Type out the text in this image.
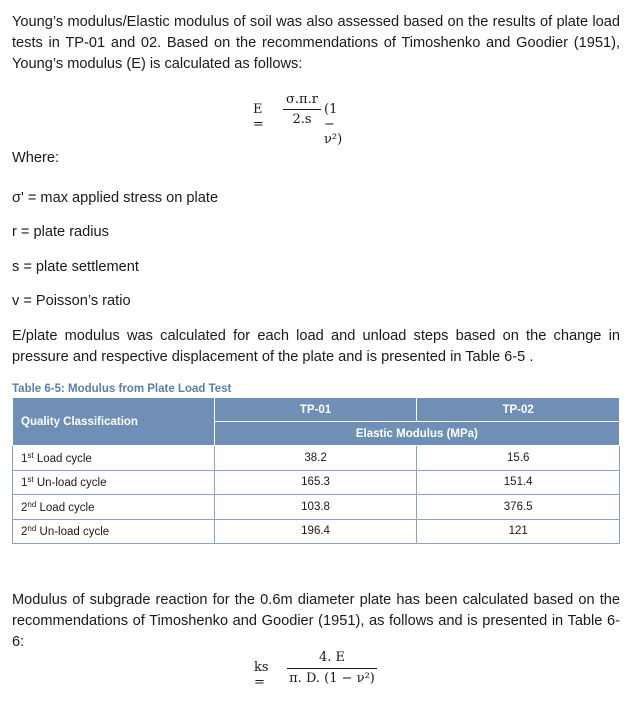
Young’s modulus/Elastic modulus of soil was also assessed based on the results of plate load tests in TP-01 and 02. Based on the recommendations of Timoshenko and Goodier (1951), Young’s modulus (E) is calculated as follows:

E =
σ.π.r
2.s
(1 − ν²)
Where:
σ' = max applied stress on plate
r = plate radius
s = plate settlement
v = Poisson’s ratio

E/plate modulus was calculated for each load and unload steps based on the change in pressure and respective displacement of the plate and is presented in Table 6-5 .

Table 6-5: Modulus from Plate Load Test
Quality Classification	TP-01	TP-02
	Elastic Modulus (MPa)	
1st Load cycle	38.2	15.6
1st Un-load cycle	165.3	151.4
2nd Load cycle	103.8	376.5
2nd Un-load cycle	196.4	121

Modulus of subgrade reaction for the 0.6m diameter plate has been calculated based on the recommendations of Timoshenko and Goodier (1951), as follows and is presented in Table 6-6:

ks =
4. E
π. D. (1 − ν²)
